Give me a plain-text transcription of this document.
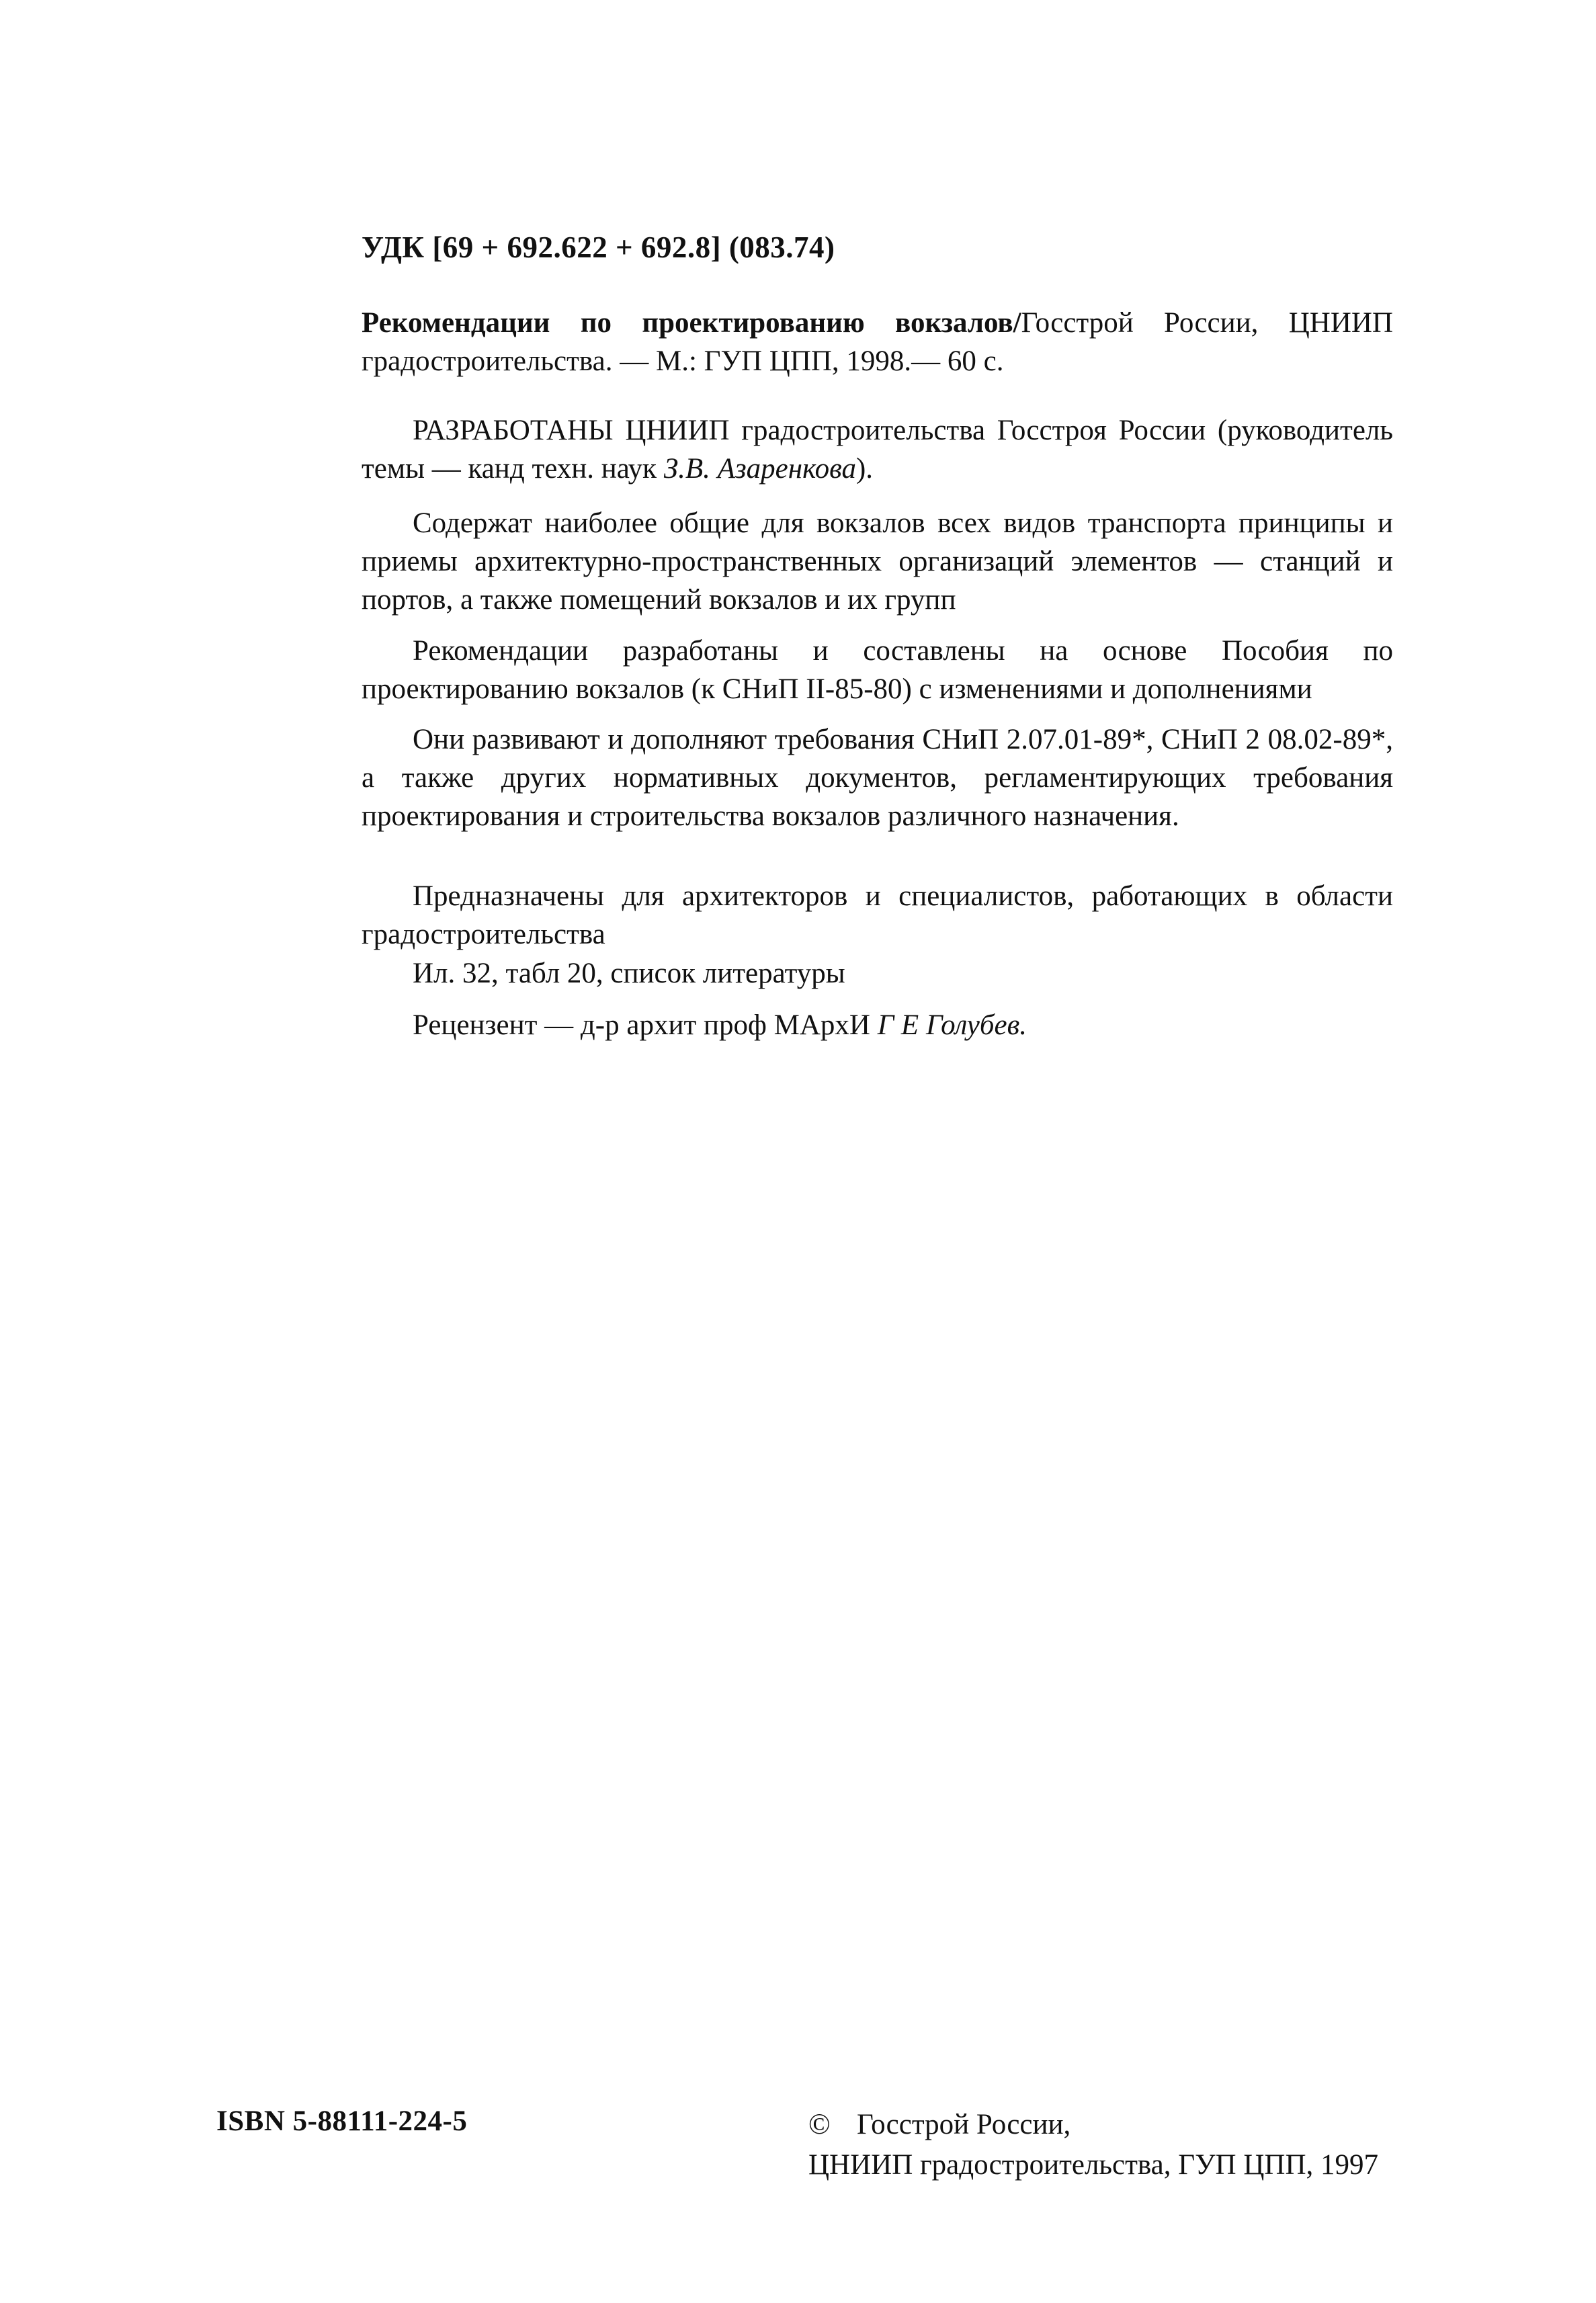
УДК [69 + 692.622 + 692.8] (083.74)
Рекомендации по проектированию вокзалов/Госстрой России, ЦНИИП градостроительства. — М.: ГУП ЦПП, 1998.— 60 с.

РАЗРАБОТАНЫ ЦНИИП градостроительства Госстроя России (руководитель темы — канд техн. наук З.В. Азаренкова).

Содержат наиболее общие для вокзалов всех видов транспорта принципы и приемы архитектурно-пространственных организаций элементов — станций и портов, а также помещений вокзалов и их групп

Рекомендации разработаны и составлены на основе Пособия по проектированию вокзалов (к СНиП II-85-80) с изменениями и дополнениями

Они развивают и дополняют требования СНиП 2.07.01-89*, СНиП 2 08.02-89*, а также других нормативных документов, регламентирующих требования проектирования и строительства вокзалов различного назначения.

Предназначены для архитекторов и специалистов, работающих в области градостроительства

Ил. 32, табл 20, список литературы

Рецензент — д-р архит проф МАрхИ Г Е Голубев.

ISBN 5-88111-224-5	© Госстрой России,
ЦНИИП градостроительства, ГУП ЦПП, 1997
